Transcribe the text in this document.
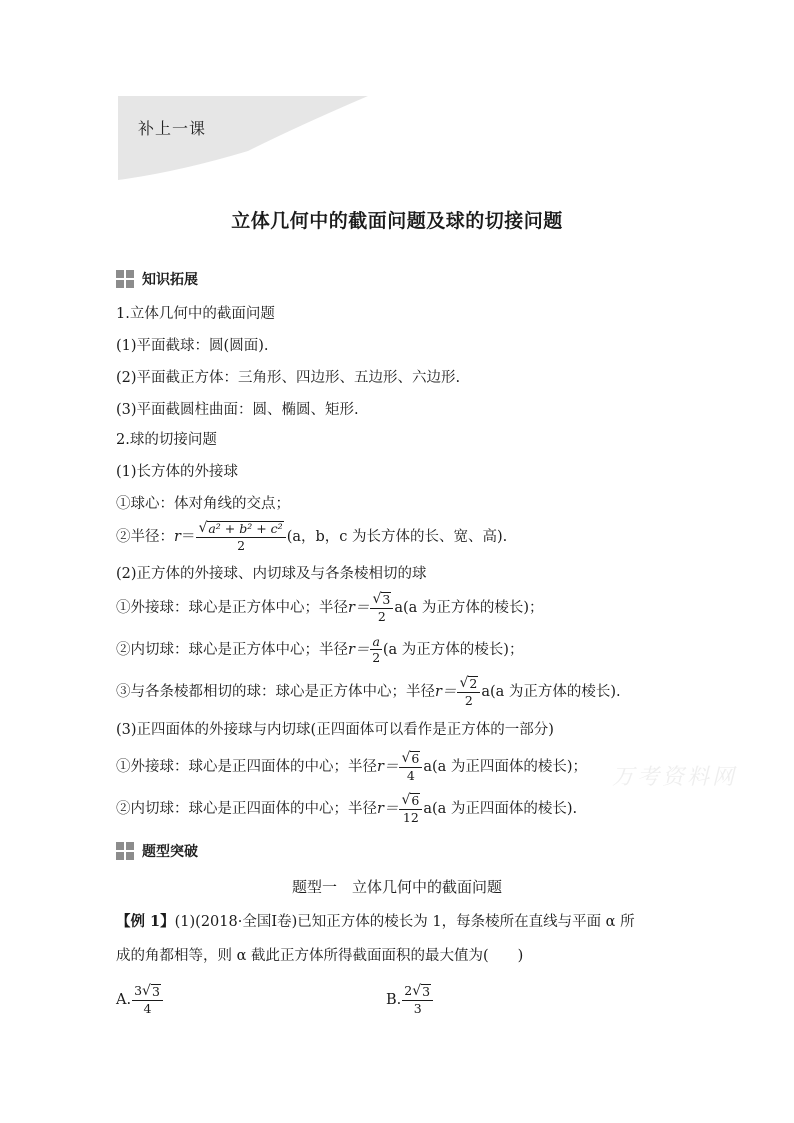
补上一课
立体几何中的截面问题及球的切接问题
知识拓展
1.立体几何中的截面问题
(1)平面截球：圆(圆面).
(2)平面截正方体：三角形、四边形、五边形、六边形.
(3)平面截圆柱曲面：圆、椭圆、矩形.
2.球的切接问题
(1)长方体的外接球
①球心：体对角线的交点；
②半径： $r = \frac{\text{√ a² + b² + c²}}{2} (a$，b，c 为长方体的长、宽、高).
(2)正方体的外接球、内切球及与各条棱相切的球
①外接球：球心是正方体中心；半径 $r= \frac{√ 3}{2} a(a$ 为正方体的棱长)；
②内切球：球心是正方体中心；半径 $r= \frac{a}{2} (a$ 为正方体的棱长)；
③与各条棱都相切的球：球心是正方体中心；半径 $r= \frac{√ 2}{2} a(a$ 为正方体的棱长).
(3)正四面体的外接球与内切球(正四面体可以看作是正方体的一部分)
①外接球：球心是正四面体的中心；半径 $r= \frac{√ 6}{4} a(a$ 为正四面体的棱长)；
②内切球：球心是正四面体的中心；半径 $r= \frac{√ 6}{12} a(a$ 为正四面体的棱长).
万考资料网
题型突破
题型一　立体几何中的截面问题
【例 1】 (1)(2018·全国Ⅰ卷)已知正方体的棱长为 1，每条棱所在直线与平面 α 所
成的角都相等，则 α 截此正方体所得截面面积的最大值为(　　)
A. $\frac{3 √ 3}{4}$	B. $\frac{2 √ 3}{3}$
